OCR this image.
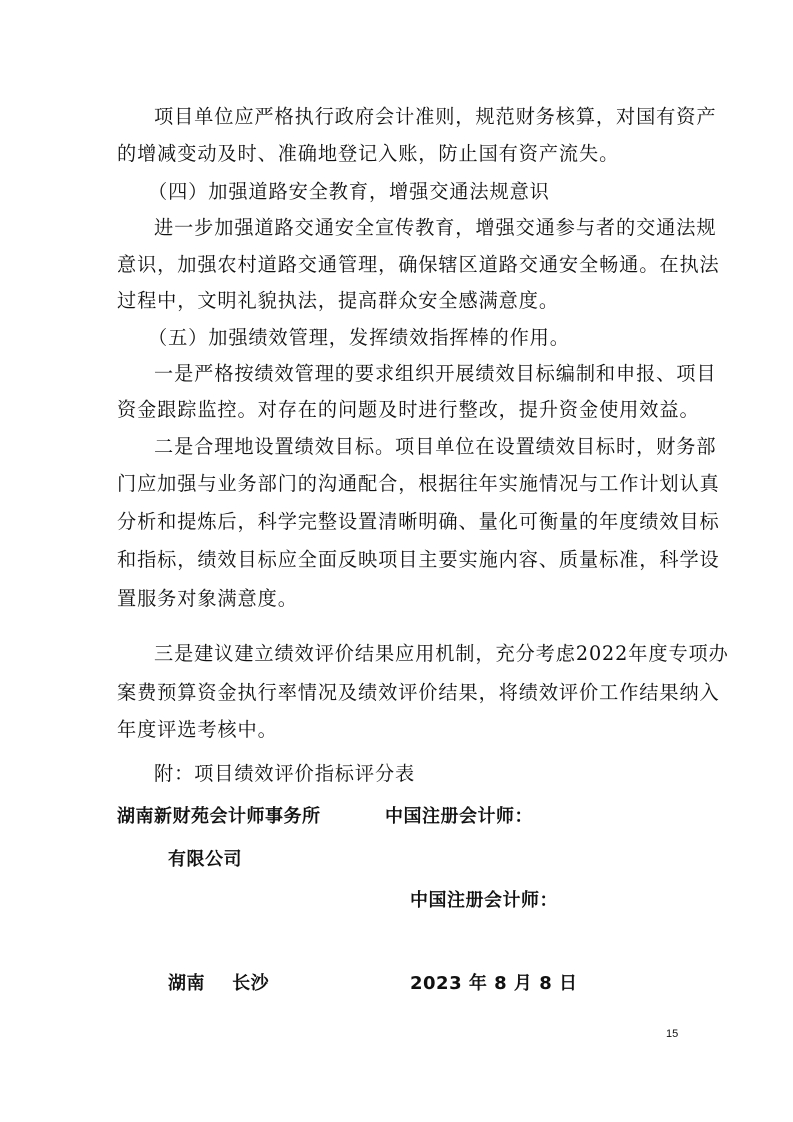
项目单位应严格执行政府会计准则，规范财务核算，对国有资产

的增减变动及时、准确地登记入账，防止国有资产流失。

（四）加强道路安全教育，增强交通法规意识

进一步加强道路交通安全宣传教育，增强交通参与者的交通法规

意识，加强农村道路交通管理，确保辖区道路交通安全畅通。在执法

过程中，文明礼貌执法，提高群众安全感满意度。

（五）加强绩效管理，发挥绩效指挥棒的作用。

一是严格按绩效管理的要求组织开展绩效目标编制和申报、项目

资金跟踪监控。对存在的问题及时进行整改，提升资金使用效益。

二是合理地设置绩效目标。项目单位在设置绩效目标时，财务部

门应加强与业务部门的沟通配合，根据往年实施情况与工作计划认真

分析和提炼后，科学完整设置清晰明确、量化可衡量的年度绩效目标

和指标，绩效目标应全面反映项目主要实施内容、质量标准，科学设

置服务对象满意度。

三是建议建立绩效评价结果应用机制，充分考虑2022年度专项办

案费预算资金执行率情况及绩效评价结果，将绩效评价工作结果纳入

年度评选考核中。

附：项目绩效评价指标评分表

湖南新财苑会计师事务所	中国注册会计师：

有限公司

中国注册会计师：

湖南    长沙	2023 年 8 月 8 日

15
